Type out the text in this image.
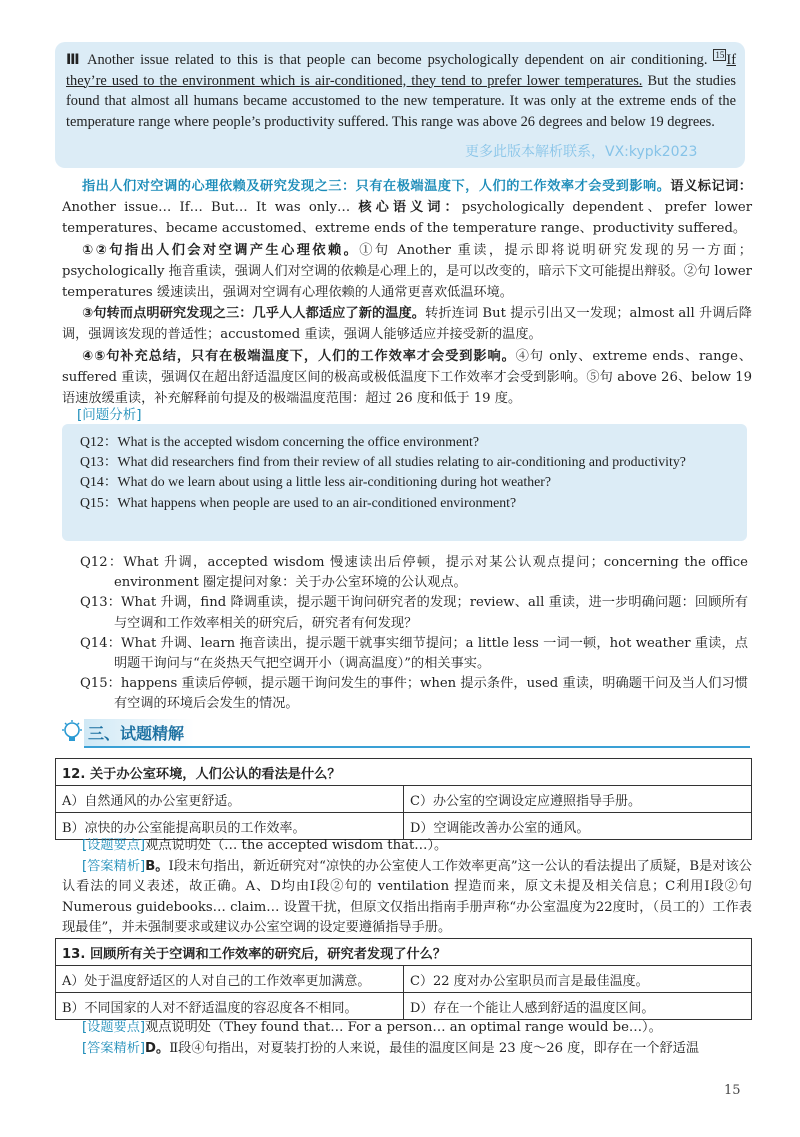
Ⅲ Another issue related to this is that people can become psychologically dependent on air conditioning. $^{15}$ If they’re used to the environment which is air-conditioned, they tend to prefer lower temperatures. But the studies found that almost all humans became accustomed to the new temperature. It was only at the extreme ends of the temperature range where people’s productivity suffered. This range was above 26 degrees and below 19 degrees.
更多此版本解析联系，VX:kypk2023

指出人们对空调的心理依赖及研究发现之三：只有在极端温度下，人们的工作效率才会受到影响。语义标记词：Another issue… If… But… It was only… 核心语义词：psychologically dependent、prefer lower temperatures、became accustomed、extreme ends of the temperature range、productivity suffered。

①②句指出人们会对空调产生心理依赖。①句 Another 重读，提示即将说明研究发现的另一方面；psychologically 拖音重读，强调人们对空调的依赖是心理上的，是可以改变的，暗示下文可能提出辩驳。②句 lower temperatures 缓速读出，强调对空调有心理依赖的人通常更喜欢低温环境。

③句转而点明研究发现之三：几乎人人都适应了新的温度。转折连词 But 提示引出又一发现；almost all 升调后降调，强调该发现的普适性；accustomed 重读，强调人能够适应并接受新的温度。

④⑤句补充总结，只有在极端温度下，人们的工作效率才会受到影响。④句 only、extreme ends、range、suffered 重读，强调仅在超出舒适温度区间的极高或极低温度下工作效率才会受到影响。⑤句 above 26、below 19 语速放缓重读，补充解释前句提及的极端温度范围：超过 26 度和低于 19 度。

[问题分析]

Q12：What is the accepted wisdom concerning the office environment?

Q13：What did researchers find from their review of all studies relating to air-conditioning and productivity?

Q14：What do we learn about using a little less air-conditioning during hot weather?

Q15：What happens when people are used to an air-conditioned environment?

Q12：What 升调，accepted wisdom 慢速读出后停顿，提示对某公认观点提问；concerning the office environment 圈定提问对象：关于办公室环境的公认观点。

Q13：What 升调，find 降调重读，提示题干询问研究者的发现；review、all 重读，进一步明确问题：回顾所有与空调和工作效率相关的研究后，研究者有何发现？

Q14：What 升调、learn 拖音读出，提示题干就事实细节提问；a little less 一词一顿，hot weather 重读，点明题干询问与“在炎热天气把空调开小（调高温度）”的相关事实。

Q15：happens 重读后停顿，提示题干询问发生的事件；when 提示条件，used 重读，明确题干问及当人们习惯有空调的环境后会发生的情况。

三、试题精解
12. 关于办公室环境，人们公认的看法是什么？	
A）自然通风的办公室更舒适。	C）办公室的空调设定应遵照指导手册。
B）凉快的办公室能提高职员的工作效率。	D）空调能改善办公室的通风。

[设题要点]观点说明处（… the accepted wisdom that…）。

[答案精析]B。Ⅰ段末句指出，新近研究对“凉快的办公室使人工作效率更高”这一公认的看法提出了质疑，B是对该公认看法的同义表述，故正确。A、D均由Ⅰ段②句的 ventilation 捏造而来，原文未提及相关信息；C利用Ⅰ段②句 Numerous guidebooks… claim… 设置干扰，但原文仅指出指南手册声称“办公室温度为22度时，（员工的）工作表现最佳”，并未强制要求或建议办公室空调的设定要遵循指导手册。

13. 回顾所有关于空调和工作效率的研究后，研究者发现了什么？	
A）处于温度舒适区的人对自己的工作效率更加满意。	C）22 度对办公室职员而言是最佳温度。
B）不同国家的人对不舒适温度的容忍度各不相同。	D）存在一个能让人感到舒适的温度区间。

[设题要点]观点说明处（They found that… For a person… an optimal range would be…）。

[答案精析]D。Ⅱ段④句指出，对夏装打扮的人来说，最佳的温度区间是 23 度～26 度，即存在一个舒适温

15
